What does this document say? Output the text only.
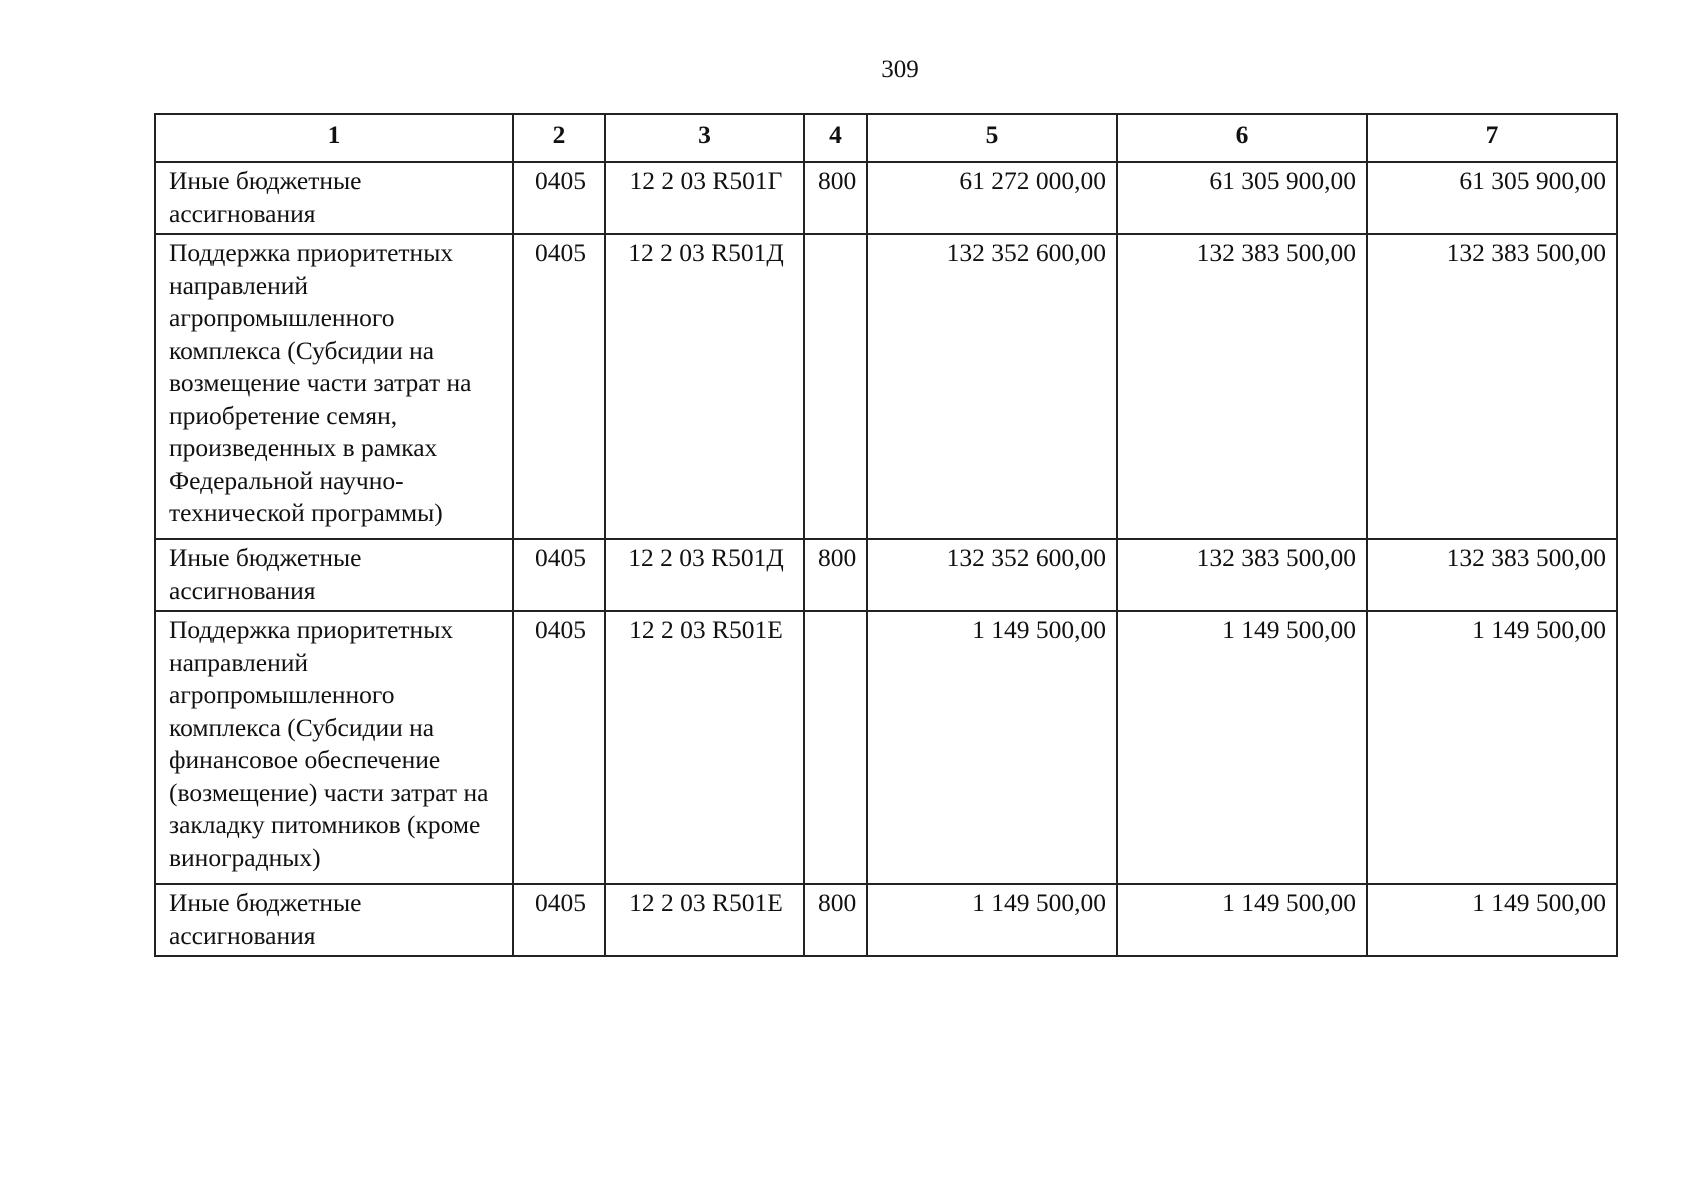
309
1	2	3	4	5	6	7
Иные бюджетные ассигнования	0405	12 2 03 R501Г	800	61 272 000,00	61 305 900,00	61 305 900,00
Поддержка приоритетных направлений агропромышленного комплекса (Субсидии на возмещение части затрат на приобретение семян, произведенных в рамках Федеральной научно-технической программы)	0405	12 2 03 R501Д		132 352 600,00	132 383 500,00	132 383 500,00
Иные бюджетные ассигнования	0405	12 2 03 R501Д	800	132 352 600,00	132 383 500,00	132 383 500,00
Поддержка приоритетных направлений агропромышленного комплекса (Субсидии на финансовое обеспечение (возмещение) части затрат на закладку питомников (кроме виноградных)	0405	12 2 03 R501Е		1 149 500,00	1 149 500,00	1 149 500,00
Иные бюджетные ассигнования	0405	12 2 03 R501Е	800	1 149 500,00	1 149 500,00	1 149 500,00
